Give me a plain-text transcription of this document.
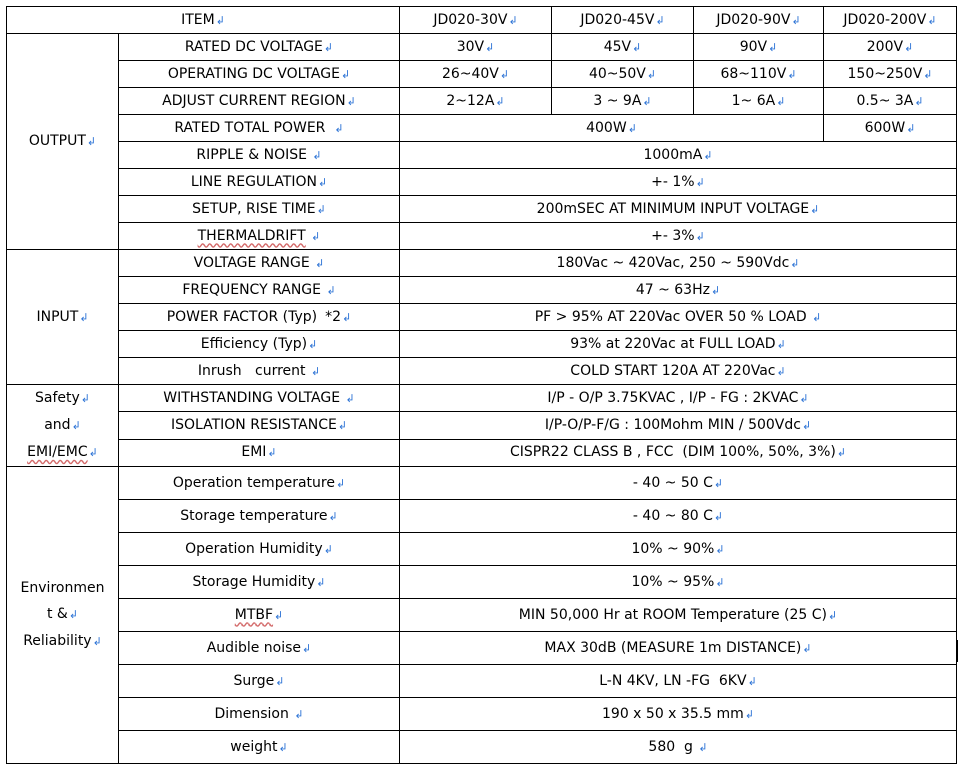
ITEM↲		JD020-30V↲	JD020-45V↲	JD020-90V↲	JD020-200V↲
OUTPUT↲	RATED DC VOLTAGE↲	30V↲	45V↲	90V↲	200V↲
	OPERATING DC VOLTAGE↲	26~40V↲	40~50V↲	68~110V↲	150~250V↲
	ADJUST CURRENT REGION↲	2~12A↲	3 ~ 9A↲	1~ 6A↲	0.5~ 3A↲
	RATED TOTAL POWER ↲	400W↲			600W↲
	RIPPLE & NOISE ↲	1000mA↲			
	LINE REGULATION↲	+- 1%↲			
	SETUP, RISE TIME↲	200mSEC AT MINIMUM INPUT VOLTAGE↲			
	THERMALDRIFT ↲	+- 3%↲			
INPUT↲	VOLTAGE RANGE ↲	180Vac ~ 420Vac, 250 ~ 590Vdc↲			
	FREQUENCY RANGE ↲	47 ~ 63Hz↲			
	POWER FACTOR (Typ) *2↲	PF > 95% AT 220Vac OVER 50 % LOAD ↲			
	Efficiency (Typ)↲	93% at 220Vac at FULL LOAD↲			
	Inrush   current ↲	COLD START 120A AT 220Vac↲			
Safety↲
and↲
EMI/EMC↲	WITHSTANDING VOLTAGE ↲	I/P - O/P 3.75KVAC , I/P - FG : 2KVAC↲			
	ISOLATION RESISTANCE↲	I/P-O/P-F/G : 100Mohm MIN / 500Vdc↲			
	EMI↲	CISPR22 CLASS B , FCC  (DIM 100%, 50%, 3%)↲			
Environmen
t &↲
Reliability↲	Operation temperature↲	- 40 ~ 50 C↲			
	Storage temperature↲	- 40 ~ 80 C↲			
	Operation Humidity↲	10% ~ 90%↲			
	Storage Humidity↲	10% ~ 95%↲			
	MTBF↲	MIN 50,000 Hr at ROOM Temperature (25 C)↲			
	Audible noise↲	MAX 30dB (MEASURE 1m DISTANCE)↲			
	Surge↲	L-N 4KV, LN -FG  6KV↲			
	Dimension ↲	190 x 50 x 35.5 mm↲			
	weight↲	580  g ↲			
